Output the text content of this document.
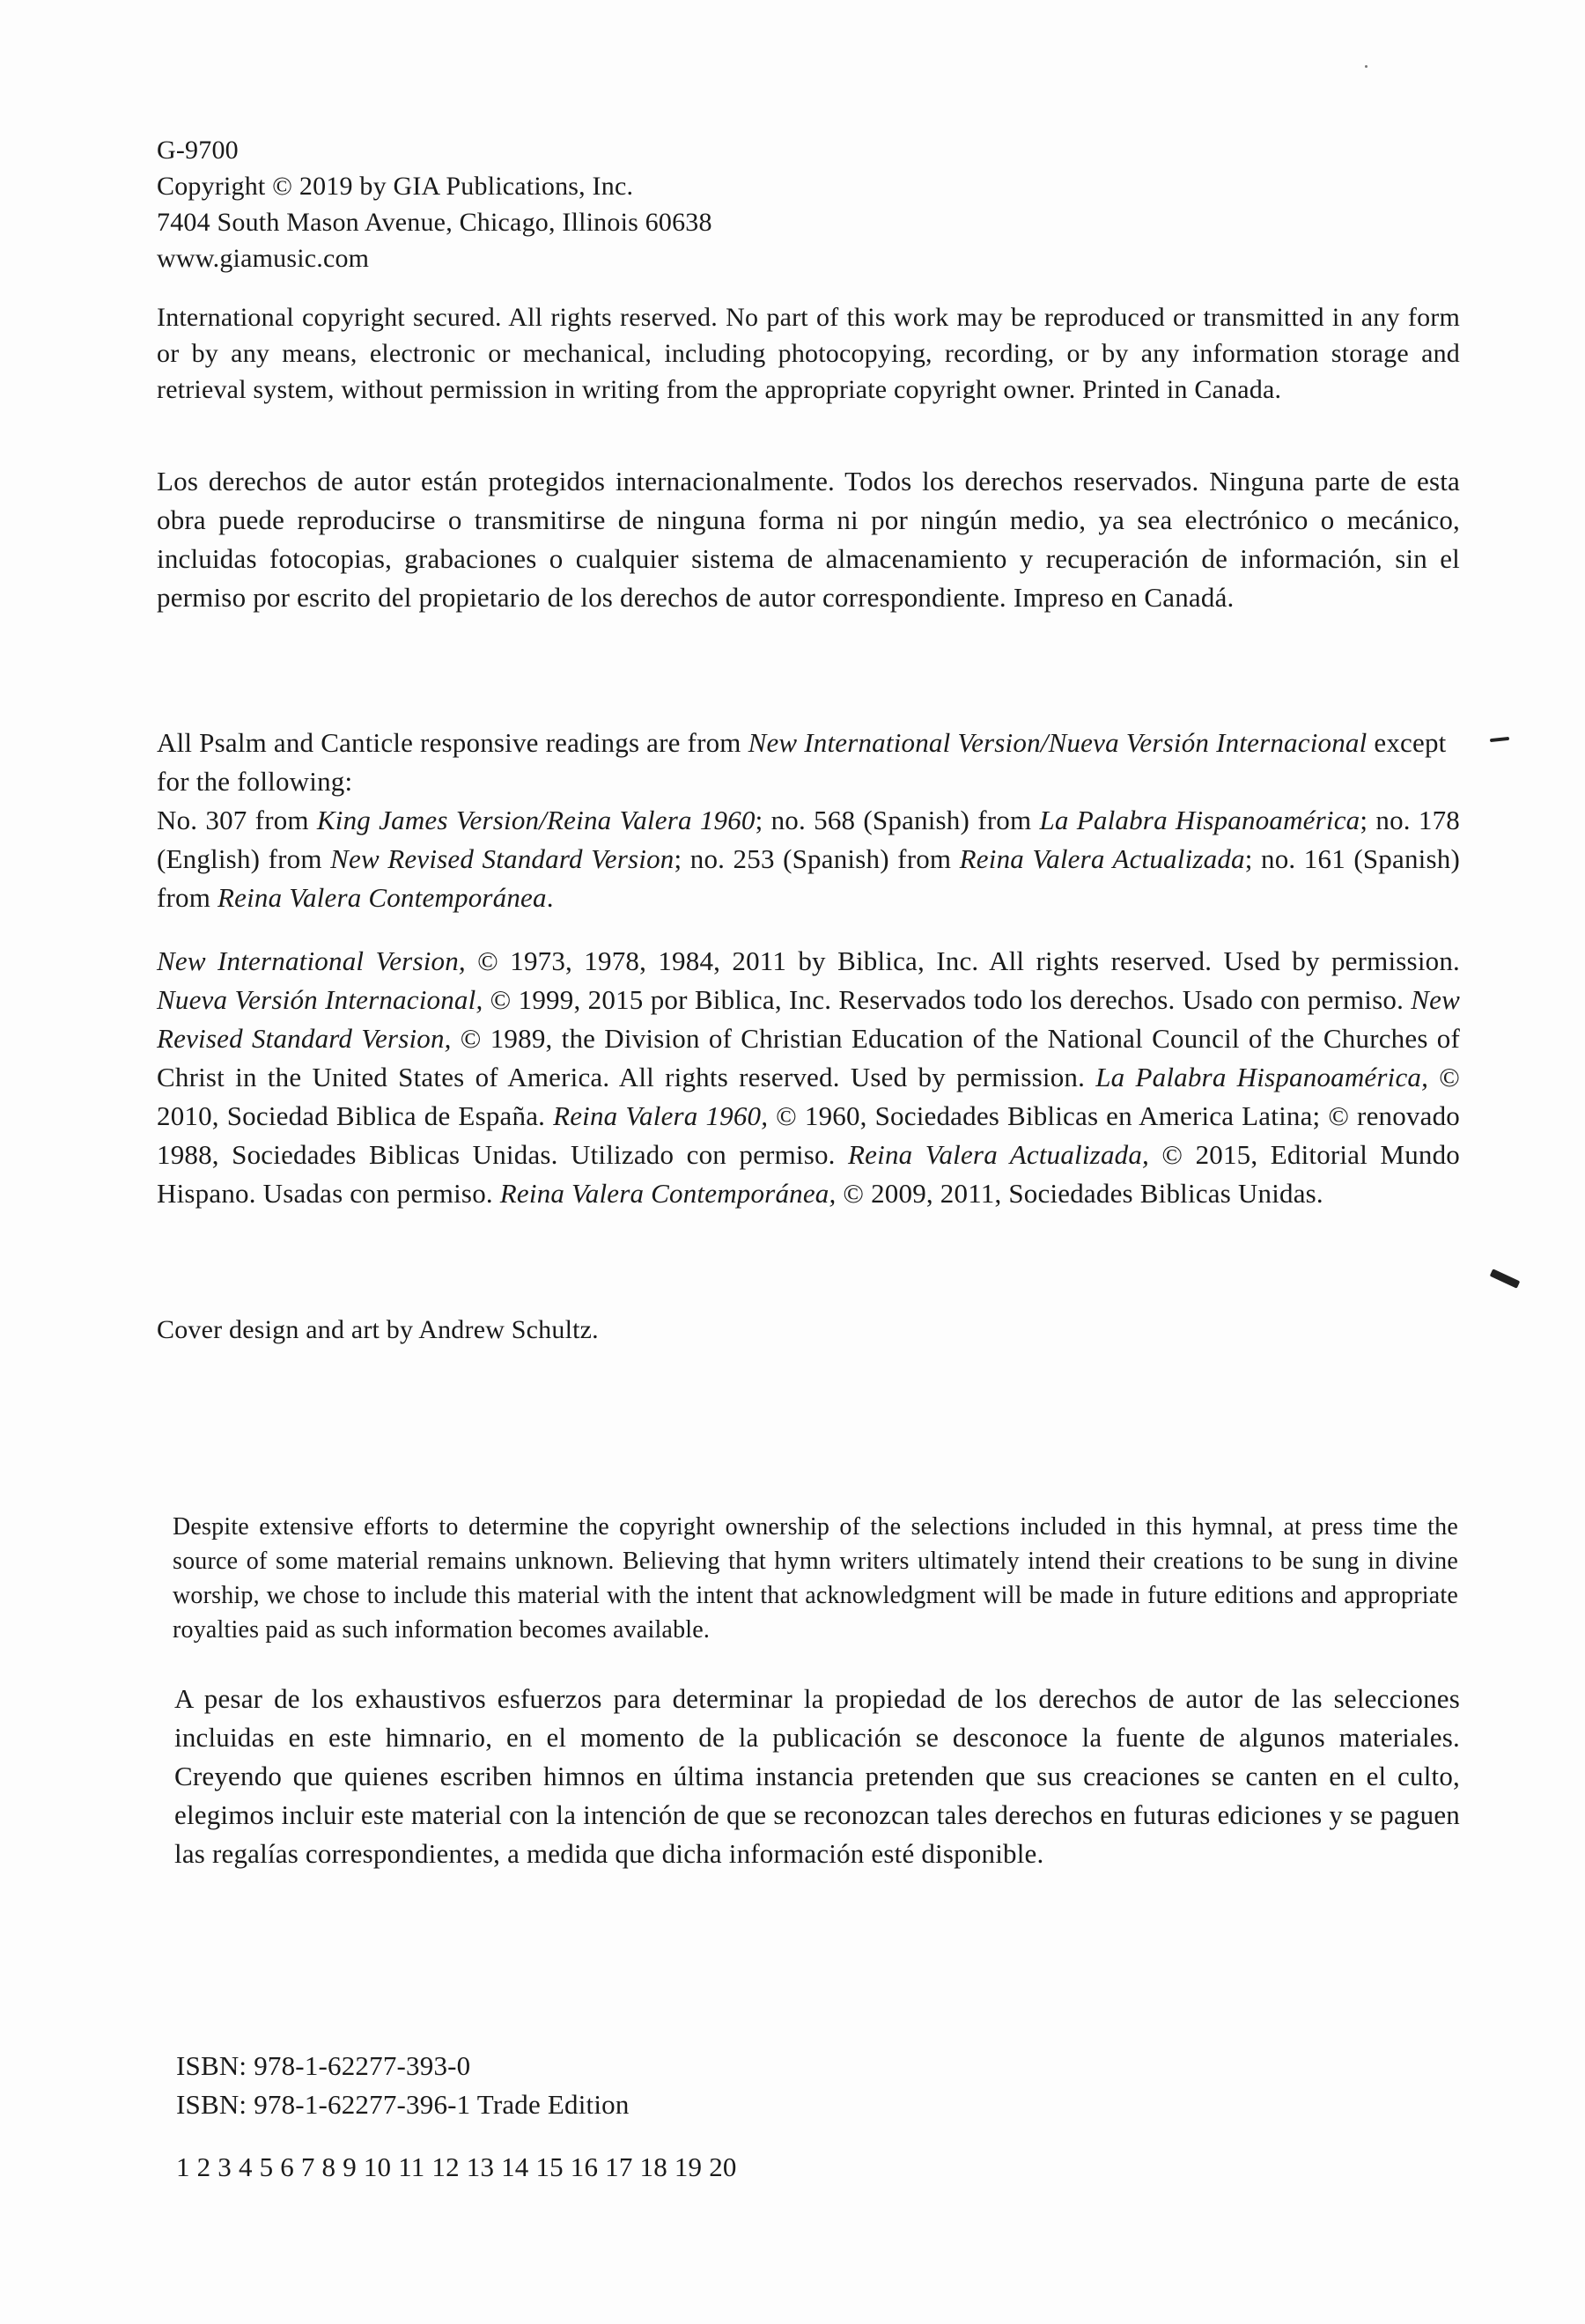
G-9700
Copyright © 2019 by GIA Publications, Inc.
7404 South Mason Avenue, Chicago, Illinois 60638
www.giamusic.com

International copyright secured. All rights reserved. No part of this work may be reproduced or transmitted in any form or by any means, electronic or mechanical, including photocopying, recording, or by any information storage and retrieval system, without permission in writing from the appropriate copyright owner. Printed in Canada.

Los derechos de autor están protegidos internacionalmente. Todos los derechos reservados. Ninguna parte de esta obra puede reproducirse o transmitirse de ninguna forma ni por ningún medio, ya sea electrónico o mecánico, incluidas fotocopias, grabaciones o cualquier sistema de almacenamiento y recuperación de información, sin el permiso por escrito del propietario de los derechos de autor correspondiente. Impreso en Canadá.

All Psalm and Canticle responsive readings are from New International Version/Nueva Versión Internacional except for the following:

No. 307 from King James Version/Reina Valera 1960; no. 568 (Spanish) from La Palabra Hispanoamérica; no. 178 (English) from New Revised Standard Version; no. 253 (Spanish) from Reina Valera Actualizada; no. 161 (Spanish) from Reina Valera Contemporánea.

New International Version, © 1973, 1978, 1984, 2011 by Biblica, Inc. All rights reserved. Used by permission. Nueva Versión Internacional, © 1999, 2015 por Biblica, Inc. Reservados todo los derechos. Usado con permiso. New Revised Standard Version, © 1989, the Division of Christian Education of the National Council of the Churches of Christ in the United States of America. All rights reserved. Used by permission. La Palabra Hispanoamérica, © 2010, Sociedad Biblica de España. Reina Valera 1960, © 1960, Sociedades Biblicas en America Latina; © renovado 1988, Sociedades Biblicas Unidas. Utilizado con permiso. Reina Valera Actualizada, © 2015, Editorial Mundo Hispano. Usadas con permiso. Reina Valera Contemporánea, © 2009, 2011, Sociedades Biblicas Unidas.

Cover design and art by Andrew Schultz.

Despite extensive efforts to determine the copyright ownership of the selections included in this hymnal, at press time the source of some material remains unknown. Believing that hymn writers ultimately intend their creations to be sung in divine worship, we chose to include this material with the intent that acknowledgment will be made in future editions and appropriate royalties paid as such information becomes available.

A pesar de los exhaustivos esfuerzos para determinar la propiedad de los derechos de autor de las selecciones incluidas en este himnario, en el momento de la publicación se desconoce la fuente de algunos materiales. Creyendo que quienes escriben himnos en última instancia pretenden que sus creaciones se canten en el culto, elegimos incluir este material con la intención de que se reconozcan tales derechos en futuras ediciones y se paguen las regalías correspondientes, a medida que dicha información esté disponible.

ISBN: 978-1-62277-393-0
ISBN: 978-1-62277-396-1 Trade Edition

1 2 3 4 5 6 7 8 9 10 11 12 13 14 15 16 17 18 19 20
